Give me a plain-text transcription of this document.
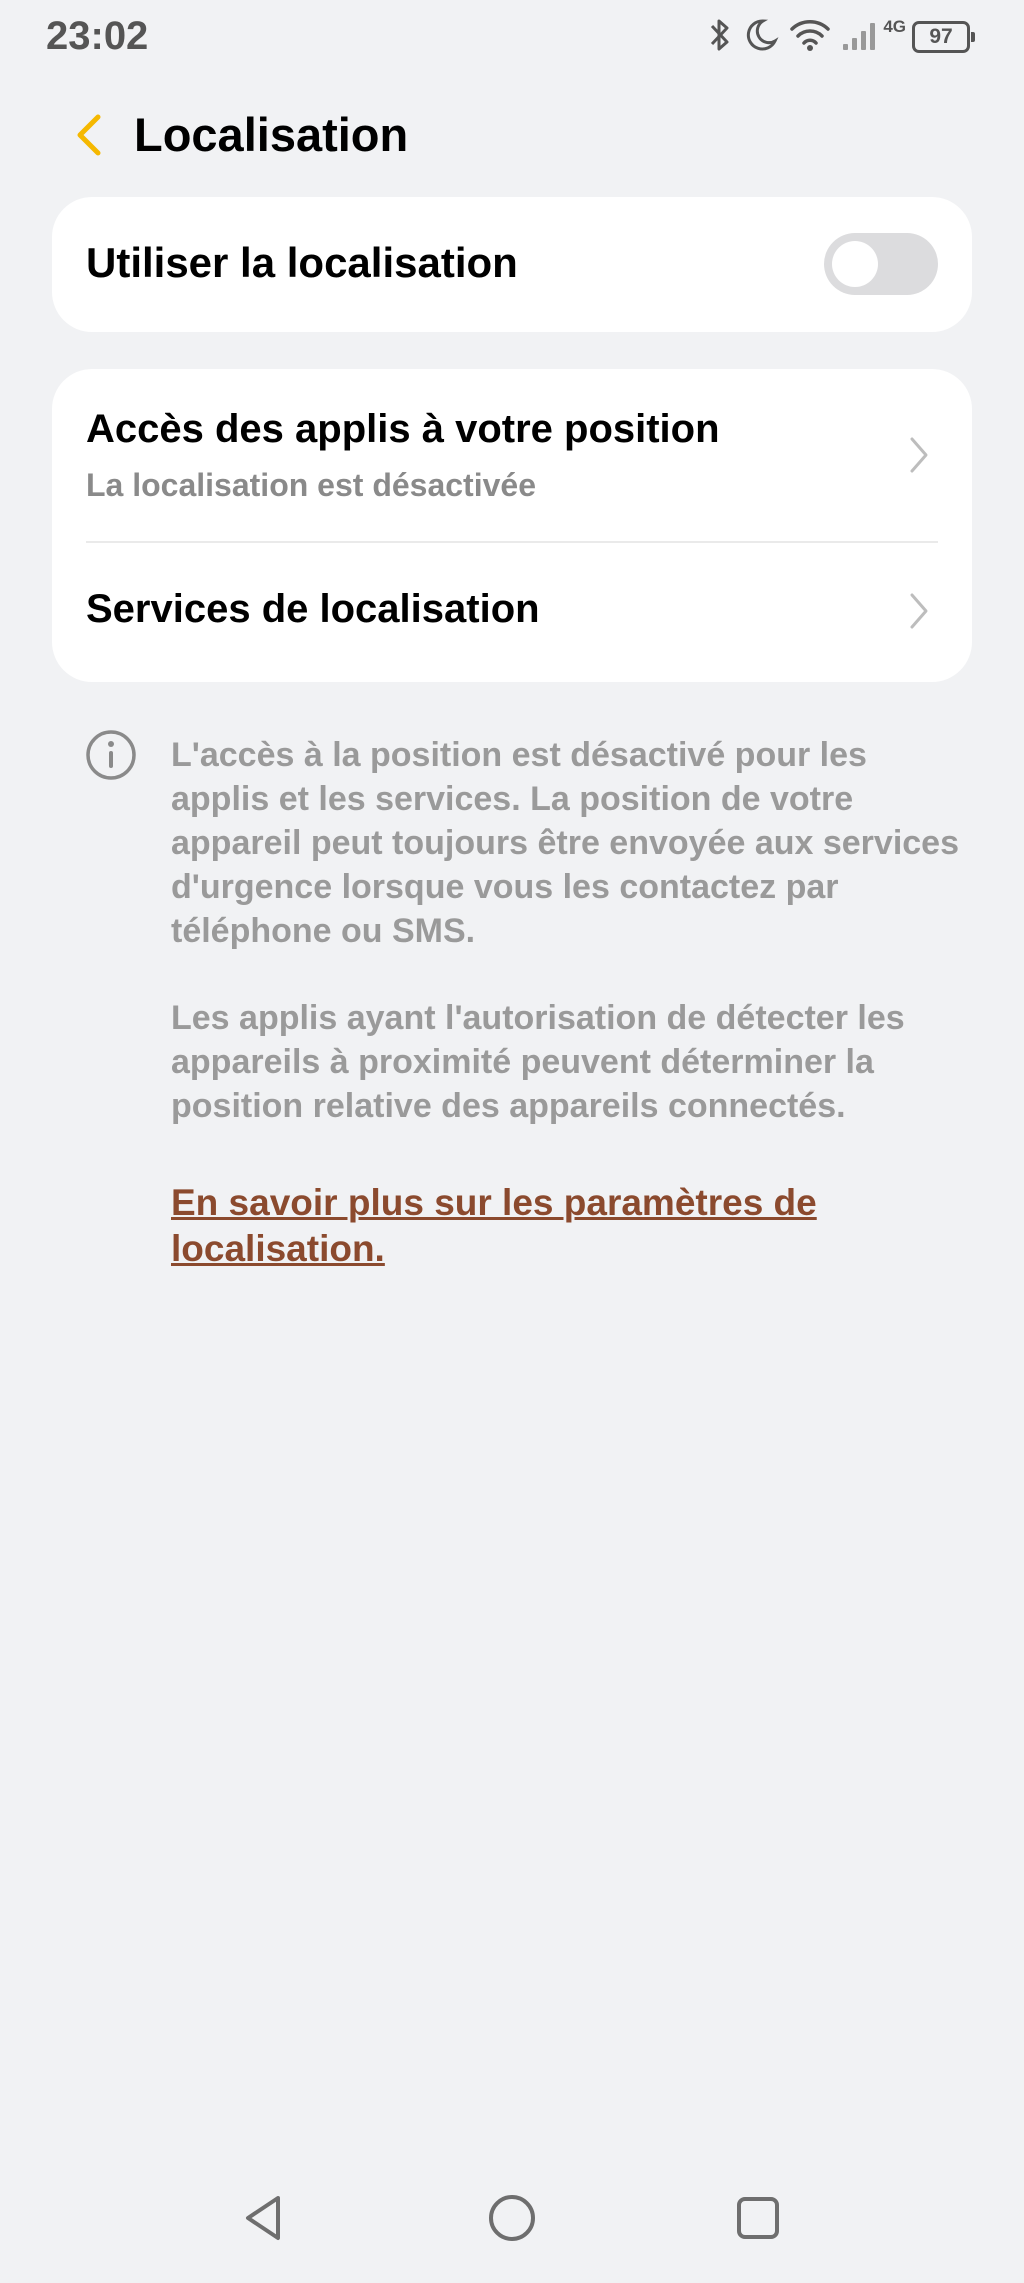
23:02	4G	97
Localisation
Utiliser la localisation
Accès des applis à votre position
La localisation est désactivée
Services de localisation
L'accès à la position est désactivé pour les applis et les services. La position de votre appareil peut toujours être envoyée aux services d'urgence lorsque vous les contactez par téléphone ou SMS.
Les applis ayant l'autorisation de détecter les appareils à proximité peuvent déterminer la position relative des appareils connectés.
En savoir plus sur les paramètres de localisation.
